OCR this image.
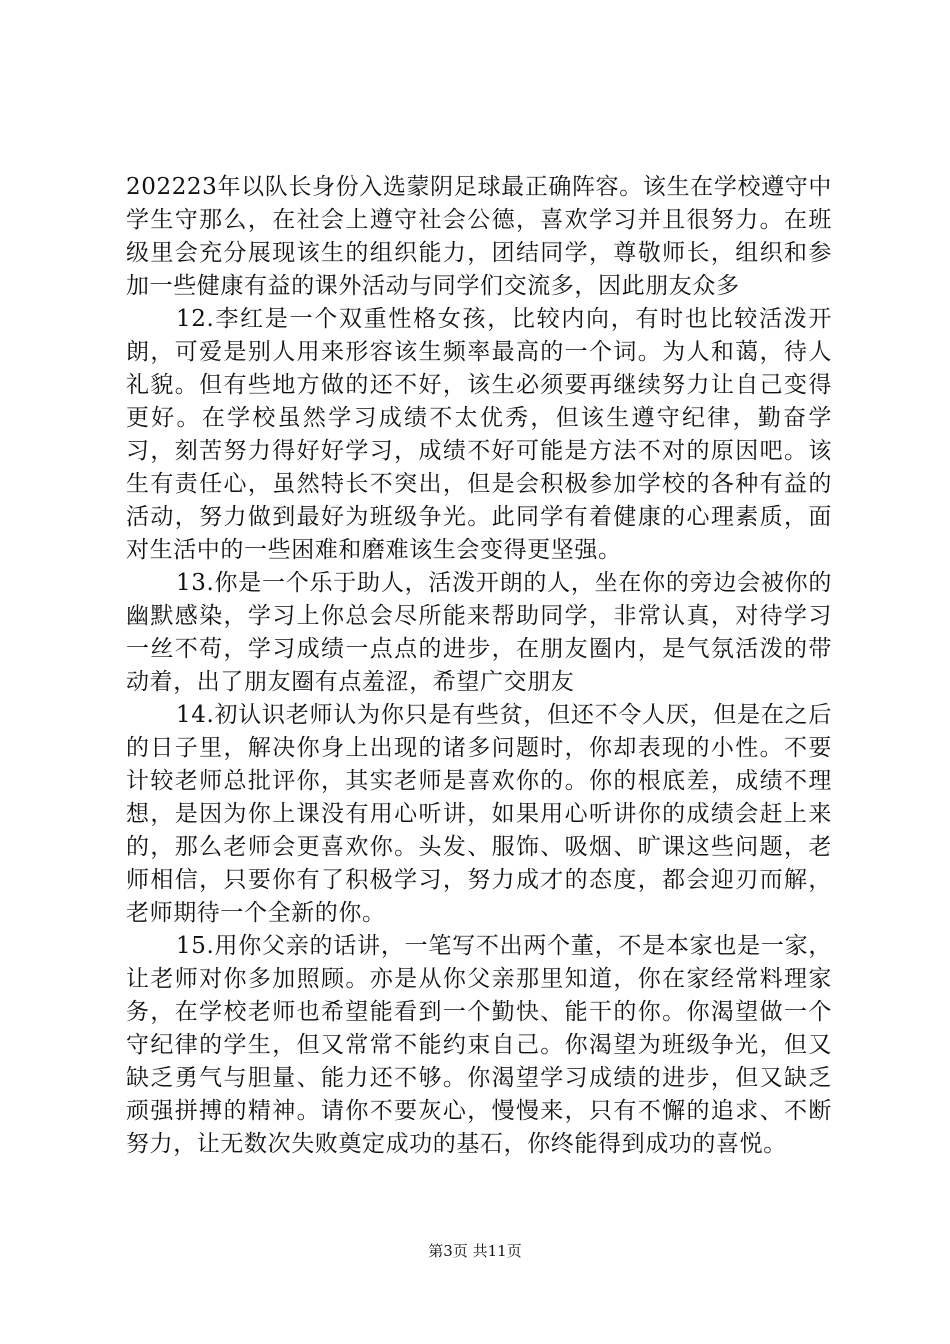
202223年以队长身份入选蒙阴足球最正确阵容。该生在学校遵守中学生守那么，在社会上遵守社会公德，喜欢学习并且很努力。在班级里会充分展现该生的组织能力，团结同学，尊敬师长，组织和参加一些健康有益的课外活动与同学们交流多，因此朋友众多

12.李红是一个双重性格女孩，比较内向，有时也比较活泼开朗，可爱是别人用来形容该生频率最高的一个词。为人和蔼，待人礼貌。但有些地方做的还不好，该生必须要再继续努力让自己变得更好。在学校虽然学习成绩不太优秀，但该生遵守纪律，勤奋学习，刻苦努力得好好学习，成绩不好可能是方法不对的原因吧。该生有责任心，虽然特长不突出，但是会积极参加学校的各种有益的活动，努力做到最好为班级争光。此同学有着健康的心理素质，面对生活中的一些困难和磨难该生会变得更坚强。

13.你是一个乐于助人，活泼开朗的人，坐在你的旁边会被你的幽默感染，学习上你总会尽所能来帮助同学，非常认真，对待学习一丝不苟，学习成绩一点点的进步，在朋友圈内，是气氛活泼的带动着，出了朋友圈有点羞涩，希望广交朋友

14.初认识老师认为你只是有些贫，但还不令人厌，但是在之后的日子里，解决你身上出现的诸多问题时，你却表现的小性。不要计较老师总批评你，其实老师是喜欢你的。你的根底差，成绩不理想，是因为你上课没有用心听讲，如果用心听讲你的成绩会赶上来的，那么老师会更喜欢你。头发、服饰、吸烟、旷课这些问题，老师相信，只要你有了积极学习，努力成才的态度，都会迎刃而解，老师期待一个全新的你。

15.用你父亲的话讲，一笔写不出两个董，不是本家也是一家，让老师对你多加照顾。亦是从你父亲那里知道，你在家经常料理家务，在学校老师也希望能看到一个勤快、能干的你。你渴望做一个守纪律的学生，但又常常不能约束自己。你渴望为班级争光，但又缺乏勇气与胆量、能力还不够。你渴望学习成绩的进步，但又缺乏顽强拼搏的精神。请你不要灰心，慢慢来，只有不懈的追求、不断努力，让无数次失败奠定成功的基石，你终能得到成功的喜悦。

第3页 共11页
